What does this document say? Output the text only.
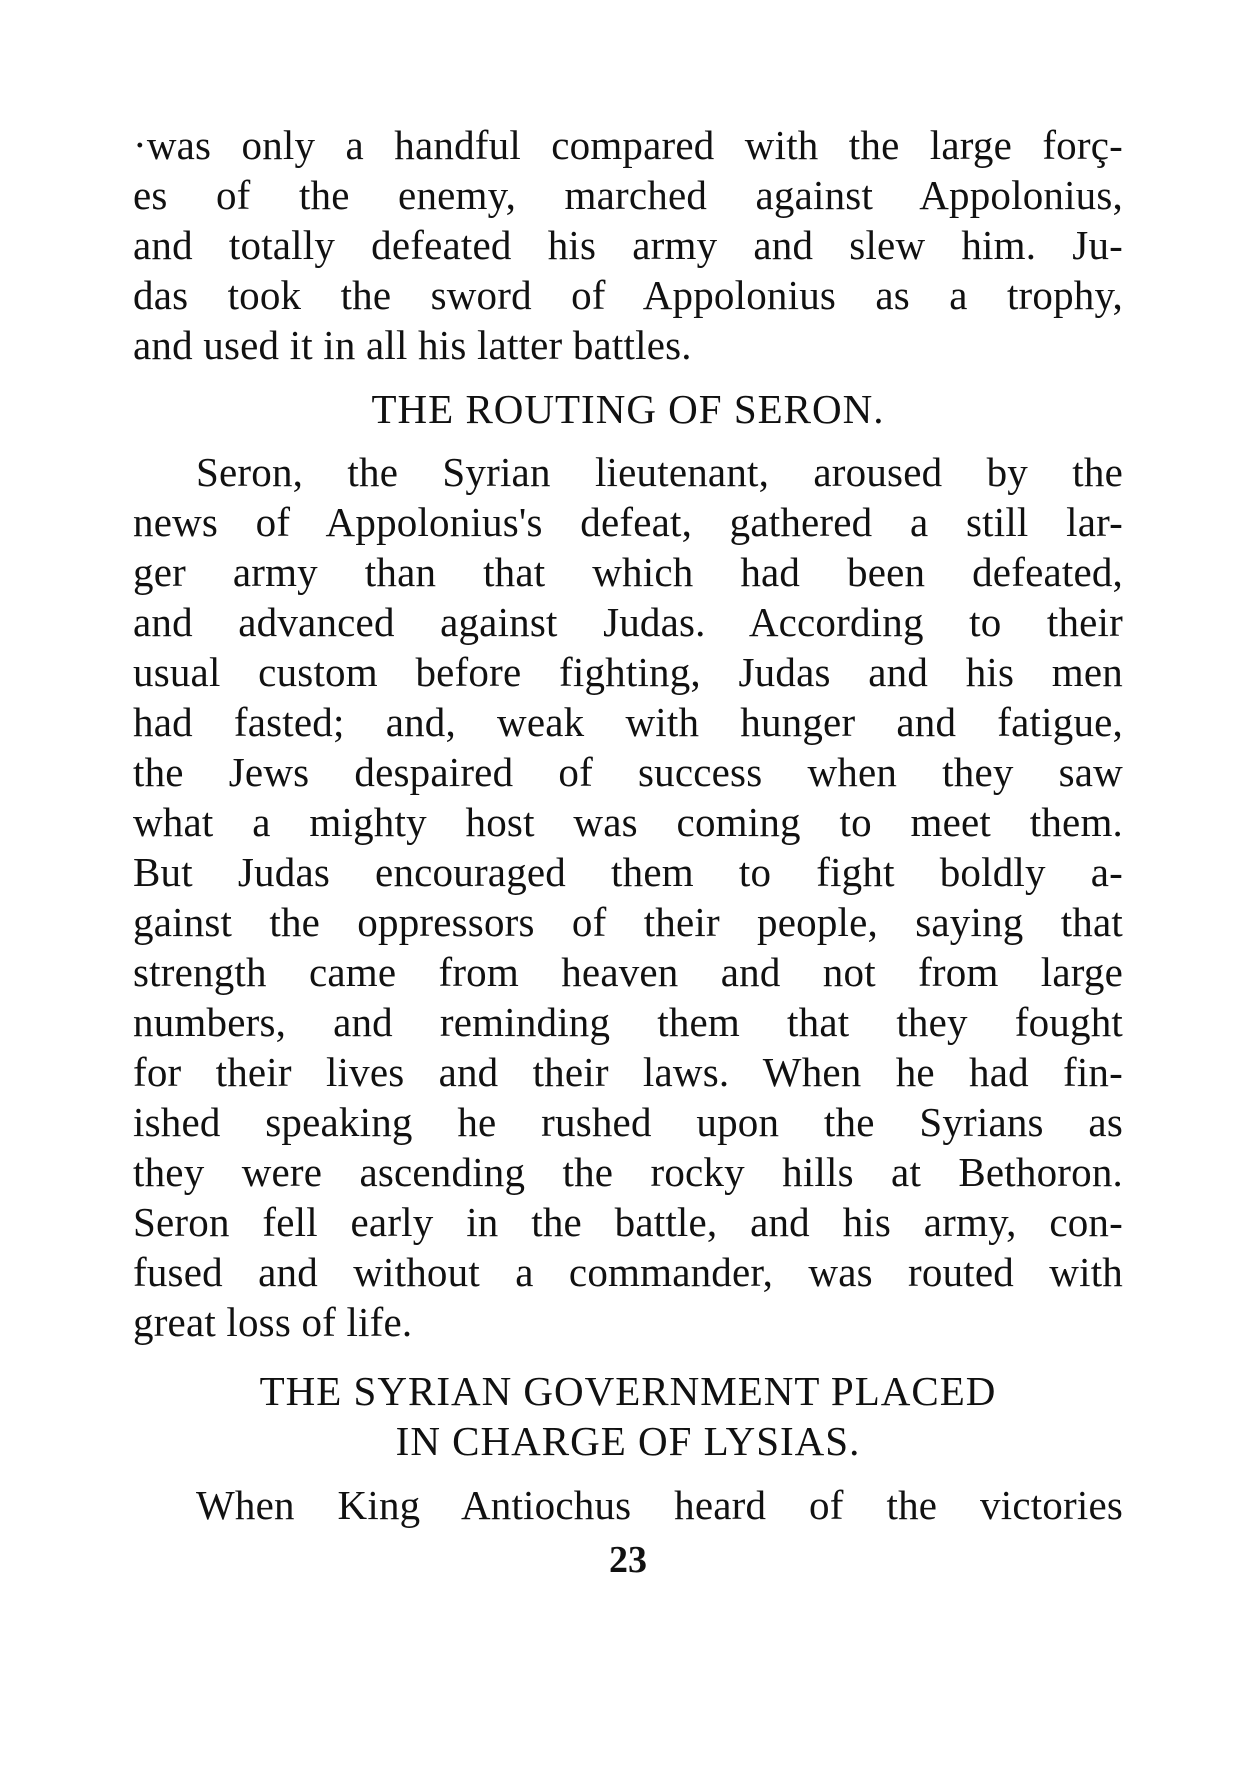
·was only a handful compared with the large forç-
es of the enemy, marched against Appolonius,
and totally defeated his army and slew him. Ju-
das took the sword of Appolonius as a trophy,
and used it in all his latter battles.
THE ROUTING OF SERON.
Seron, the Syrian lieutenant, aroused by the
news of Appolonius's defeat, gathered a still lar-
ger army than that which had been defeated,
and advanced against Judas. According to their
usual custom before fighting, Judas and his men
had fasted; and, weak with hunger and fatigue,
the Jews despaired of success when they saw
what a mighty host was coming to meet them.
But Judas encouraged them to fight boldly a-
gainst the oppressors of their people, saying that
strength came from heaven and not from large
numbers, and reminding them that they fought
for their lives and their laws. When he had fin-
ished speaking he rushed upon the Syrians as
they were ascending the rocky hills at Bethoron.
Seron fell early in the battle, and his army, con-
fused and without a commander, was routed with
great loss of life.
THE SYRIAN GOVERNMENT PLACED
IN CHARGE OF LYSIAS.
When King Antiochus heard of the victories
23
